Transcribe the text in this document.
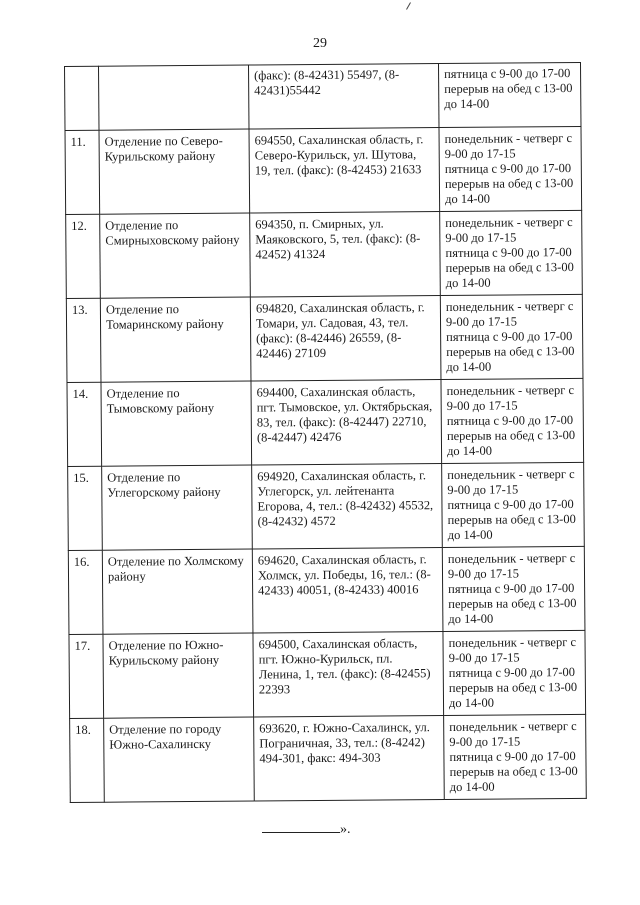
29
		(факс): (8-42431) 55497, (8-42431)55442	пятница с 9-00 до 17-00
перерыв на обед с 13-00 до 14-00
11.	Отделение по Северо-Курильскому району	694550, Сахалинская область, г. Северо-Курильск, ул. Шутова, 19, тел. (факс): (8-42453) 21633	понедельник - четверг с 9-00 до 17-15
пятница с 9-00 до 17-00
перерыв на обед с 13-00 до 14-00
12.	Отделение по Смирныховскому району	694350, п. Смирных, ул. Маяковского, 5, тел. (факс): (8-42452) 41324	понедельник - четверг с 9-00 до 17-15
пятница с 9-00 до 17-00
перерыв на обед с 13-00 до 14-00
13.	Отделение по Томаринскому району	694820, Сахалинская область, г. Томари, ул. Садовая, 43, тел. (факс): (8-42446) 26559, (8-42446) 27109	понедельник - четверг с 9-00 до 17-15
пятница с 9-00 до 17-00
перерыв на обед с 13-00 до 14-00
14.	Отделение по Тымовскому району	694400, Сахалинская область, пгт. Тымовское, ул. Октябрьская, 83, тел. (факс): (8-42447) 22710, (8-42447) 42476	понедельник - четверг с 9-00 до 17-15
пятница с 9-00 до 17-00
перерыв на обед с 13-00 до 14-00
15.	Отделение по Углегорскому району	694920, Сахалинская область, г. Углегорск, ул. лейтенанта Егорова, 4, тел.: (8-42432) 45532, (8-42432) 4572	понедельник - четверг с 9-00 до 17-15
пятница с 9-00 до 17-00
перерыв на обед с 13-00 до 14-00
16.	Отделение по Холмскому району	694620, Сахалинская область, г. Холмск, ул. Победы, 16, тел.: (8-42433) 40051, (8-42433) 40016	понедельник - четверг с 9-00 до 17-15
пятница с 9-00 до 17-00
перерыв на обед с 13-00 до 14-00
17.	Отделение по Южно-Курильскому району	694500, Сахалинская область, пгт. Южно-Курильск, пл. Ленина, 1, тел. (факс): (8-42455) 22393	понедельник - четверг с 9-00 до 17-15
пятница с 9-00 до 17-00
перерыв на обед с 13-00 до 14-00
18.	Отделение по городу Южно-Сахалинску	693620, г. Южно-Сахалинск, ул. Пограничная, 33, тел.: (8-4242) 494-301, факс: 494-303	понедельник - четверг с 9-00 до 17-15
пятница с 9-00 до 17-00
перерыв на обед с 13-00 до 14-00
».
